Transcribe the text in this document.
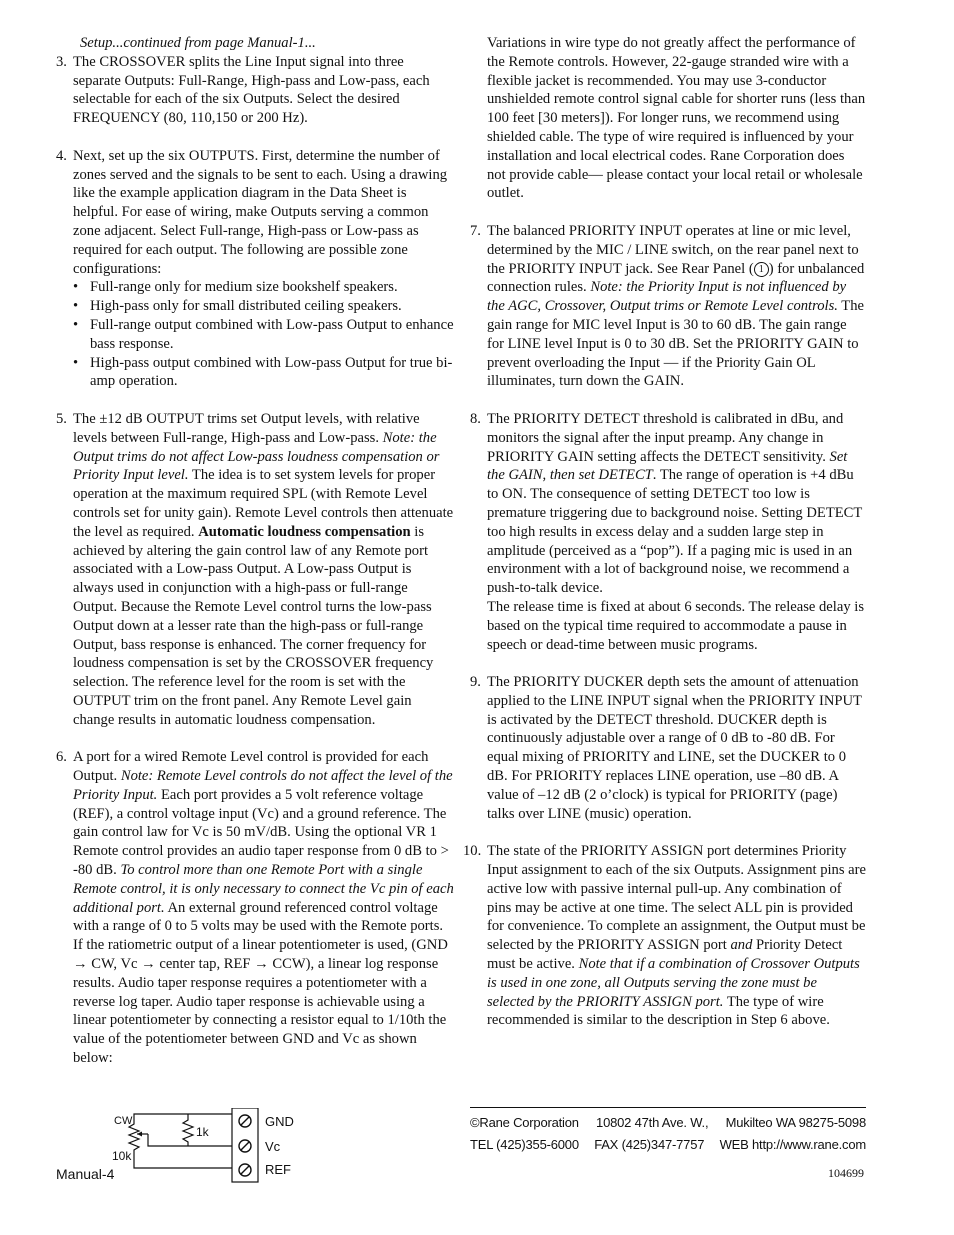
Setup...continued from page Manual-1...
3. The CROSSOVER splits the Line Input signal into three separate Outputs: Full-Range, High-pass and Low-pass, each selectable for each of the six Outputs. Select the desired FREQUENCY (80, 110,150 or 200 Hz).

4. Next, set up the six OUTPUTS. First, determine the number of zones served and the signals to be sent to each. Using a drawing like the example application diagram in the Data Sheet is helpful. For ease of wiring, make Outputs serving a common zone adjacent. Select Full-range, High-pass or Low-pass as required for each output. The following are possible zone configurations:

• Full-range only for medium size bookshelf speakers.
• High-pass only for small distributed ceiling speakers.
• Full-range output combined with Low-pass Output to enhance bass response.
• High-pass output combined with Low-pass Output for true bi-amp operation.
5. The ±12 dB OUTPUT trims set Output levels, with relative levels between Full-range, High-pass and Low-pass. Note: the Output trims do not affect Low-pass loudness compensation or Priority Input level. The idea is to set system levels for proper operation at the maximum required SPL (with Remote Level controls set for unity gain). Remote Level controls then attenuate the level as required. Automatic loudness compensation is achieved by altering the gain control law of any Remote port associated with a Low-pass Output. A Low-pass Output is always used in conjunction with a high-pass or full-range Output. Because the Remote Level control turns the low-pass Output down at a lesser rate than the high-pass or full-range Output, bass response is enhanced. The corner frequency for loudness compensation is set by the CROSSOVER frequency selection. The reference level for the room is set with the OUTPUT trim on the front panel. Any Remote Level gain change results in automatic loudness compensation.

6. A port for a wired Remote Level control is provided for each Output. Note: Remote Level controls do not affect the level of the Priority Input. Each port provides a 5 volt reference voltage (REF), a control voltage input (Vc) and a ground reference. The gain control law for Vc is 50 mV/dB. Using the optional VR 1 Remote control provides an audio taper response from 0 dB to > -80 dB. To control more than one Remote Port with a single Remote control, it is only necessary to connect the Vc pin of each additional port. An external ground referenced control voltage with a range of 0 to 5 volts may be used with the Remote ports. If the ratiometric output of a linear potentiometer is used, (GND → CW, Vc → center tap, REF → CCW), a linear log response results. Audio taper response requires a potentiometer with a reverse log taper. Audio taper response is achievable using a linear potentiometer by connecting a resistor equal to 1/10th the value of the potentiometer between GND and Vc as shown below:

Variations in wire type do not greatly affect the performance of the Remote controls. However, 22-gauge stranded wire with a flexible jacket is recommended. You may use 3-conductor unshielded remote control signal cable for shorter runs (less than 100 feet [30 meters]). For longer runs, we recommend using shielded cable. The type of wire required is influenced by your installation and local electrical codes. Rane Corporation does not provide cable— please contact your local retail or wholesale outlet.

7. The balanced PRIORITY INPUT operates at line or mic level, determined by the MIC / LINE switch, on the rear panel next to the PRIORITY INPUT jack. See Rear Panel ( 1 ) for unbalanced connection rules. Note: the Priority Input is not influenced by the AGC, Crossover, Output trims or Remote Level controls. The gain range for MIC level Input is 30 to 60 dB. The gain range for LINE level Input is 0 to 30 dB. Set the PRIORITY GAIN to prevent overloading the Input — if the Priority Gain OL illuminates, turn down the GAIN.

8. The PRIORITY DETECT threshold is calibrated in dBu, and monitors the signal after the input preamp. Any change in PRIORITY GAIN setting affects the DETECT sensitivity. Set the GAIN, then set DETECT. The range of operation is +4 dBu to ON. The consequence of setting DETECT too low is premature triggering due to background noise. Setting DETECT too high results in excess delay and a sudden large step in amplitude (perceived as a “pop”). If a paging mic is used in an environment with a lot of background noise, we recommend a push-to-talk device.
The release time is fixed at about 6 seconds. The release delay is based on the typical time required to accommodate a pause in speech or dead-time between music programs.

9. The PRIORITY DUCKER depth sets the amount of attenuation applied to the LINE INPUT signal when the PRIORITY INPUT is activated by the DETECT threshold. DUCKER depth is continuously adjustable over a range of 0 dB to -80 dB. For equal mixing of PRIORITY and LINE, set the DUCKER to 0 dB. For PRIORITY replaces LINE operation, use –80 dB. A value of –12 dB (2 o’clock) is typical for PRIORITY (page) talks over LINE (music) operation.

10. The state of the PRIORITY ASSIGN port determines Priority Input assignment to each of the six Outputs. Assignment pins are active low with passive internal pull-up. Any combination of pins may be active at one time. The select ALL pin is provided for convenience. To complete an assignment, the Output must be selected by the PRIORITY ASSIGN port and Priority Detect must be active. Note that if a combination of Crossover Outputs is used in one zone, all Outputs serving the zone must be selected by the PRIORITY ASSIGN port. The type of wire recommended is similar to the description in Step 6 above.

CW
10k
1k
GND
Vc
REF
©Rane Corporation 10802 47th Ave. W., Mukilteo WA 98275-5098
TEL (425)355-6000 FAX (425)347-7757 WEB http://www.rane.com
104699
Manual-4
